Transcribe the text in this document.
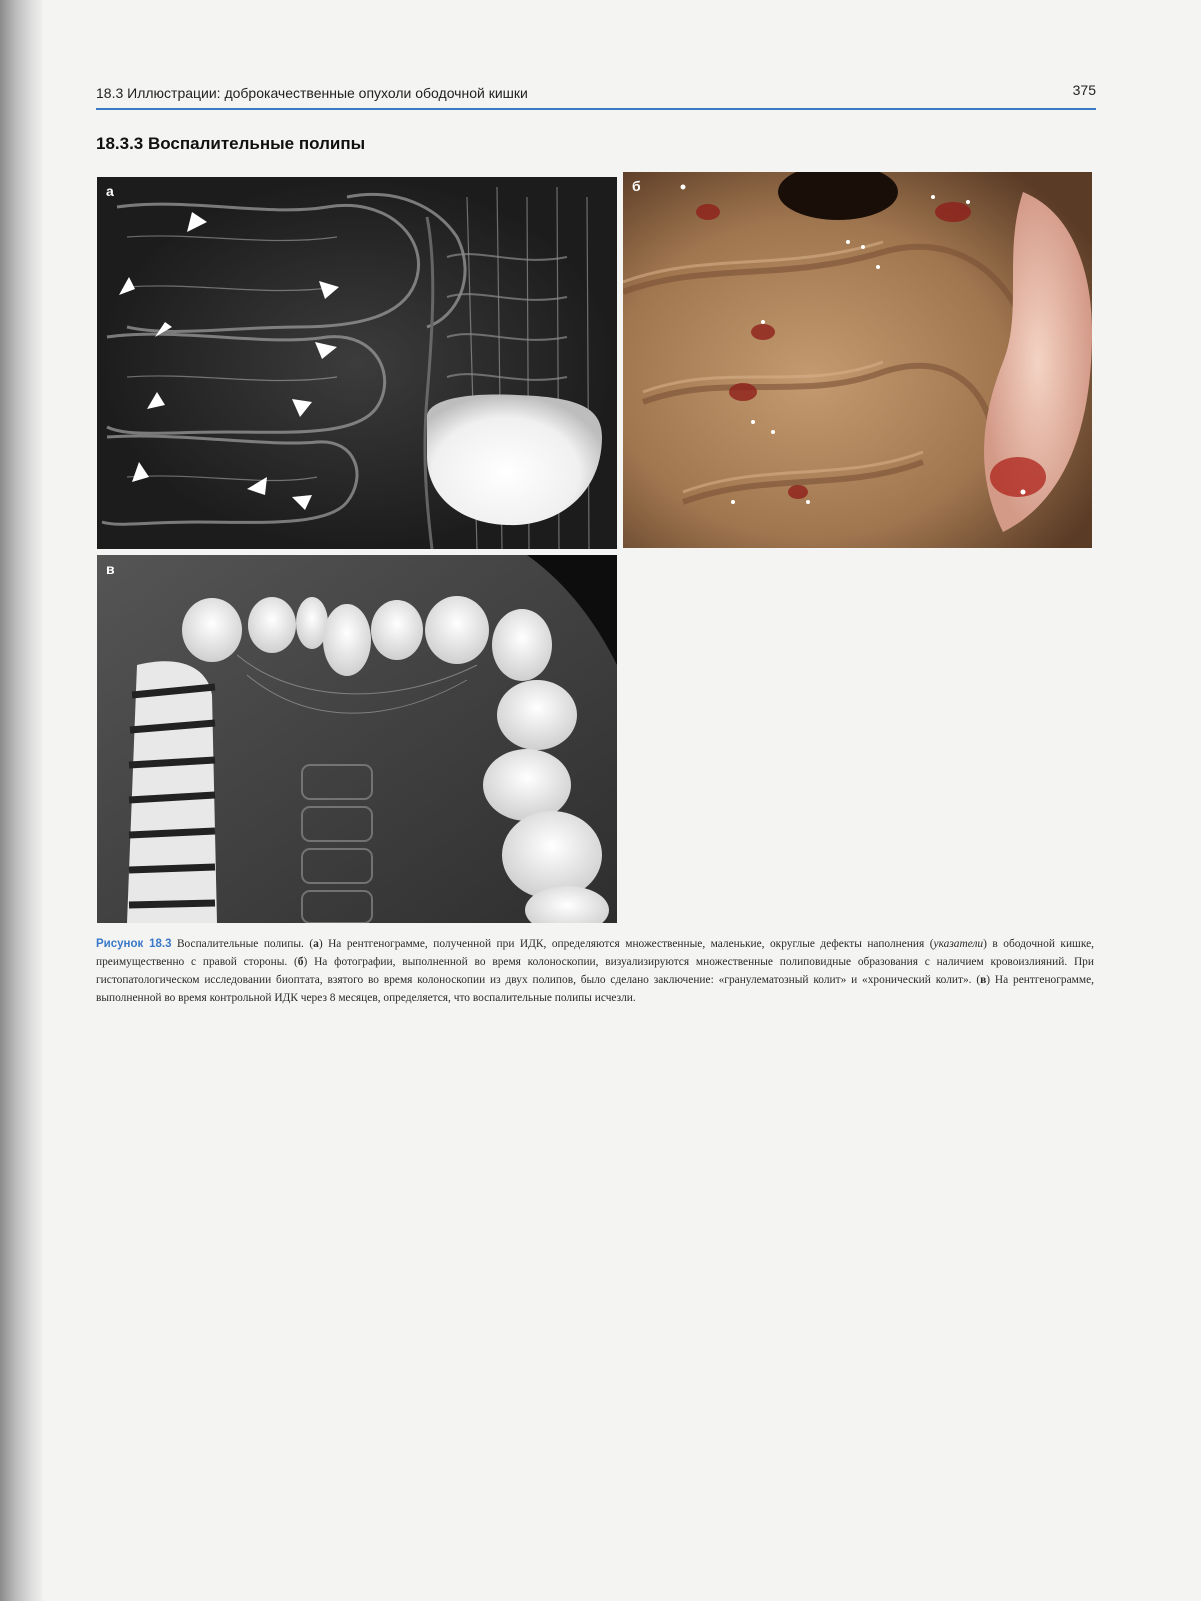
18.3 Иллюстрации: доброкачественные опухоли ободочной кишки	375
18.3.3 Воспалительные полипы
а	б
в
Рисунок 18.3 Воспалительные полипы. (а) На рентгенограмме, полученной при ИДК, определяются множественные, маленькие, округлые дефекты наполнения (указатели) в ободочной кишке, преимущественно с правой стороны. (б) На фотографии, выполненной во время колоноскопии, визуализируются множественные полиповидные образования с наличием кровоизлияний. При гистопатологическом исследовании биоптата, взятого во время колоноскопии из двух полипов, было сделано заключение: «гранулематозный колит» и «хронический колит». (в) На рентгенограмме, выполненной во время контрольной ИДК через 8 месяцев, определяется, что воспалительные полипы исчезли.
